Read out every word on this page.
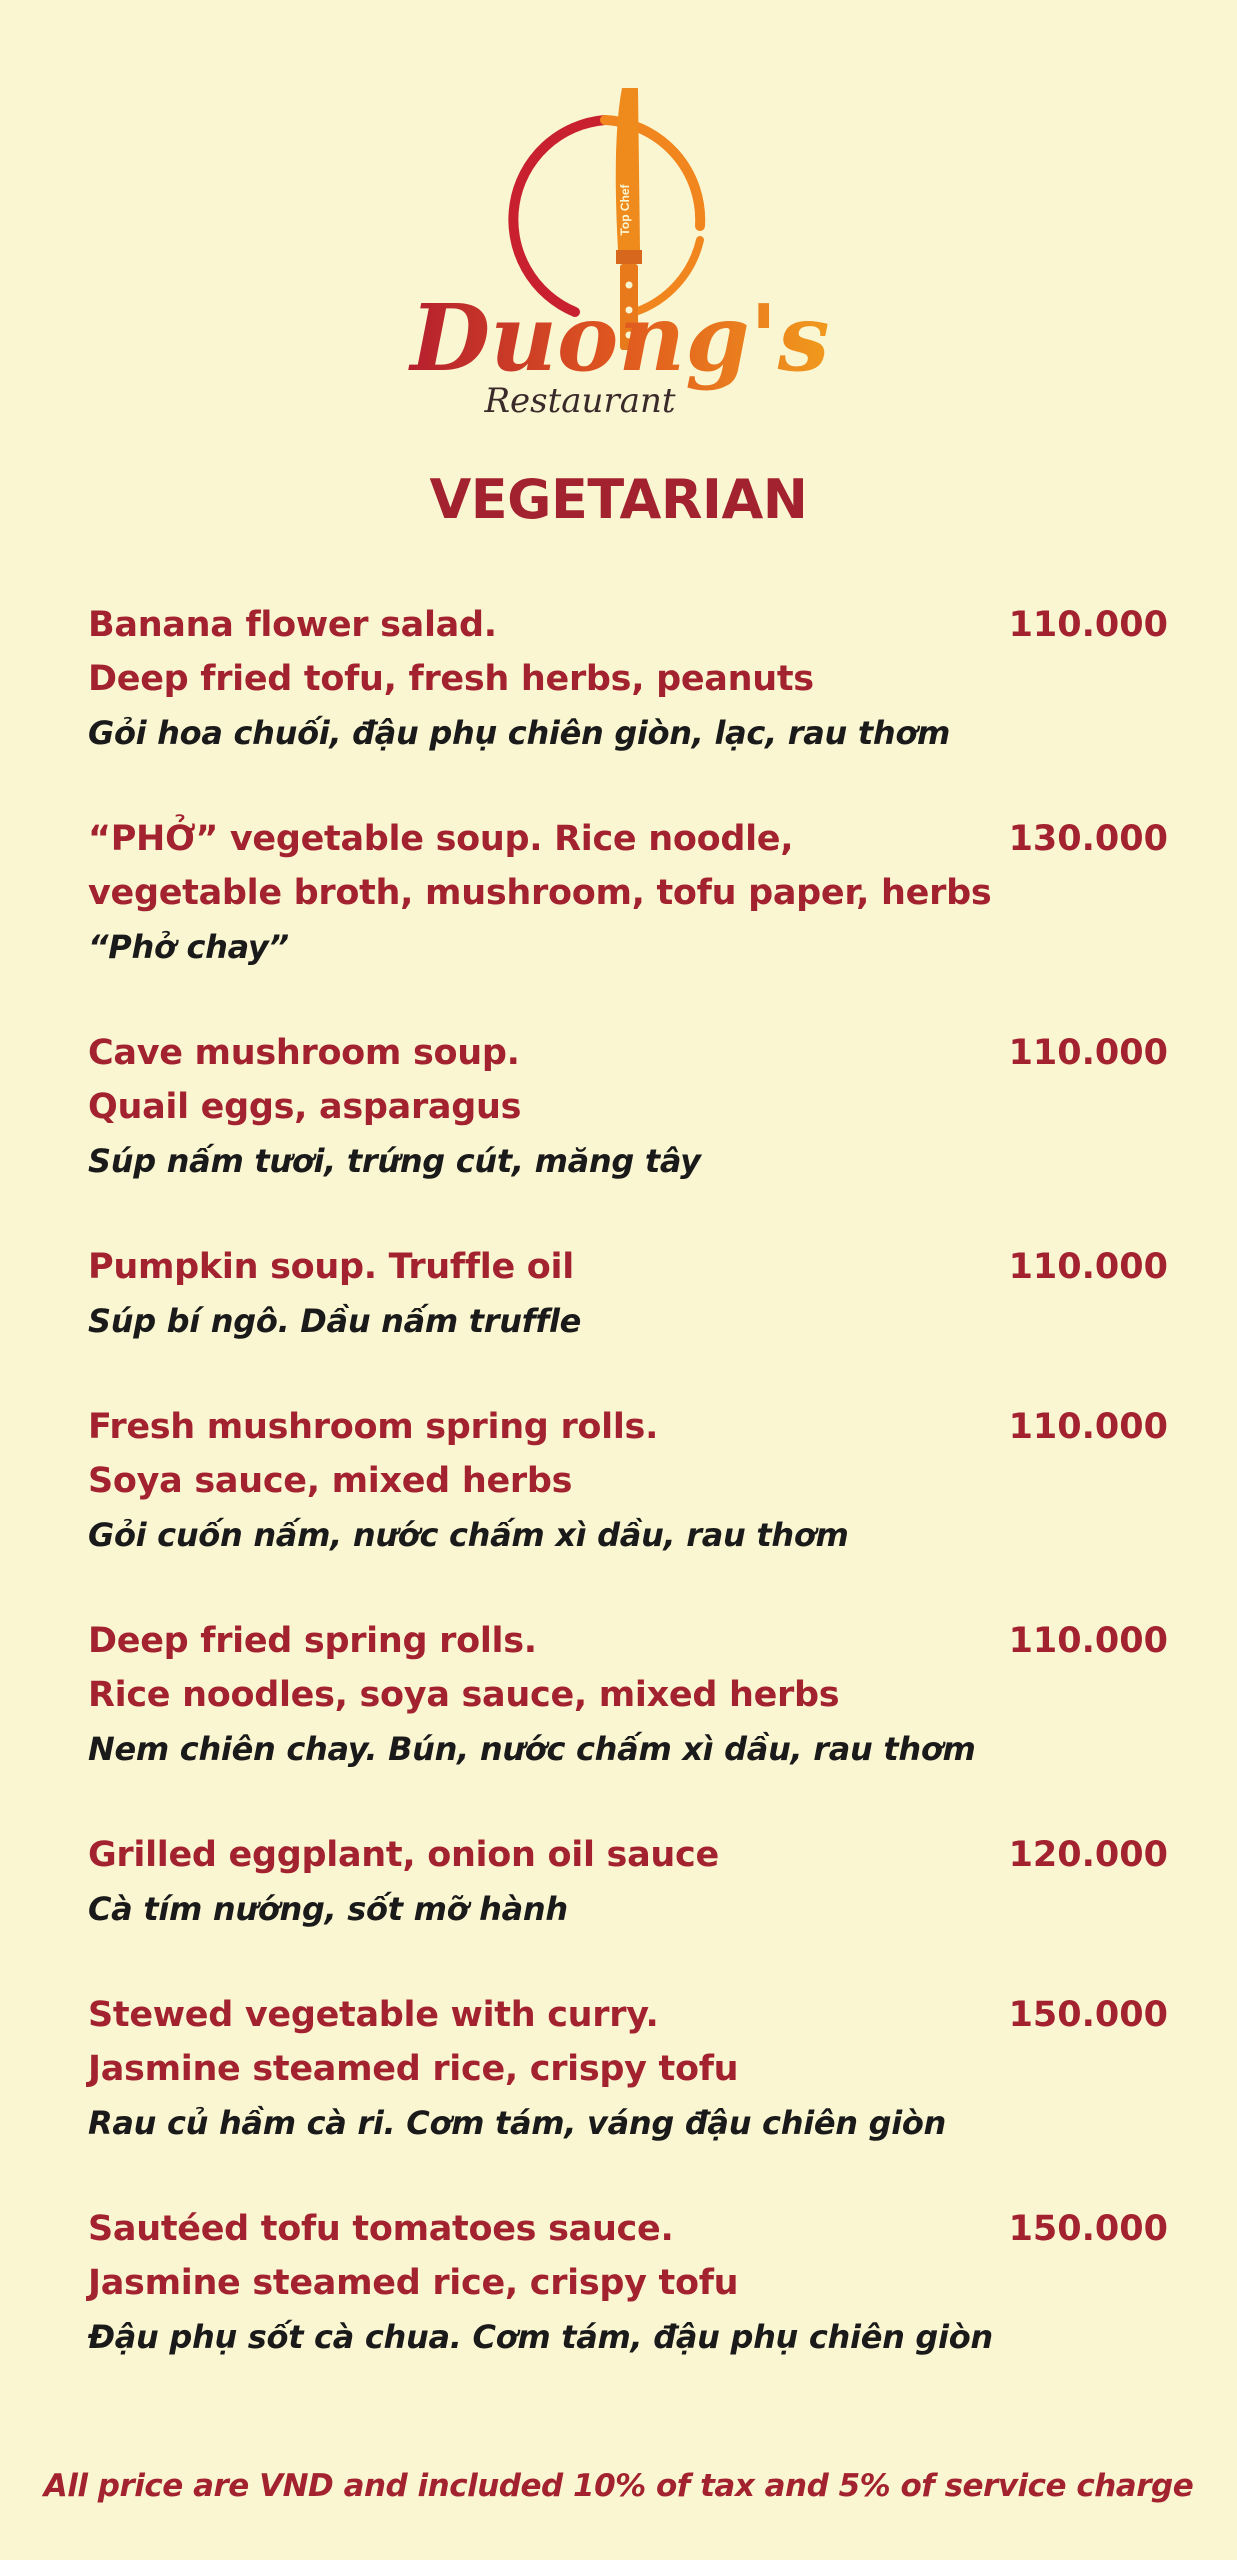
Top Chef
Duong's
Restaurant
VEGETARIAN
Banana flower salad.
Deep fried tofu, fresh herbs, peanuts
Gỏi hoa chuối, đậu phụ chiên giòn, lạc, rau thơm
110.000
“PHỞ” vegetable soup. Rice noodle,
vegetable broth, mushroom, tofu paper, herbs
“Phở chay”
130.000
Cave mushroom soup.
Quail eggs, asparagus
Súp nấm tươi, trứng cút, măng tây
110.000
Pumpkin soup. Truffle oil
Súp bí ngô. Dầu nấm truffle
110.000
Fresh mushroom spring rolls.
Soya sauce, mixed herbs
Gỏi cuốn nấm, nước chấm xì dầu, rau thơm
110.000
Deep fried spring rolls.
Rice noodles, soya sauce, mixed herbs
Nem chiên chay. Bún, nước chấm xì dầu, rau thơm
110.000
Grilled eggplant, onion oil sauce
Cà tím nướng, sốt mỡ hành
120.000
Stewed vegetable with curry.
Jasmine steamed rice, crispy tofu
Rau củ hầm cà ri. Cơm tám, váng đậu chiên giòn
150.000
Sautéed tofu tomatoes sauce.
Jasmine steamed rice, crispy tofu
Đậu phụ sốt cà chua. Cơm tám, đậu phụ chiên giòn
150.000
All price are VND and included 10% of tax and 5% of service charge
